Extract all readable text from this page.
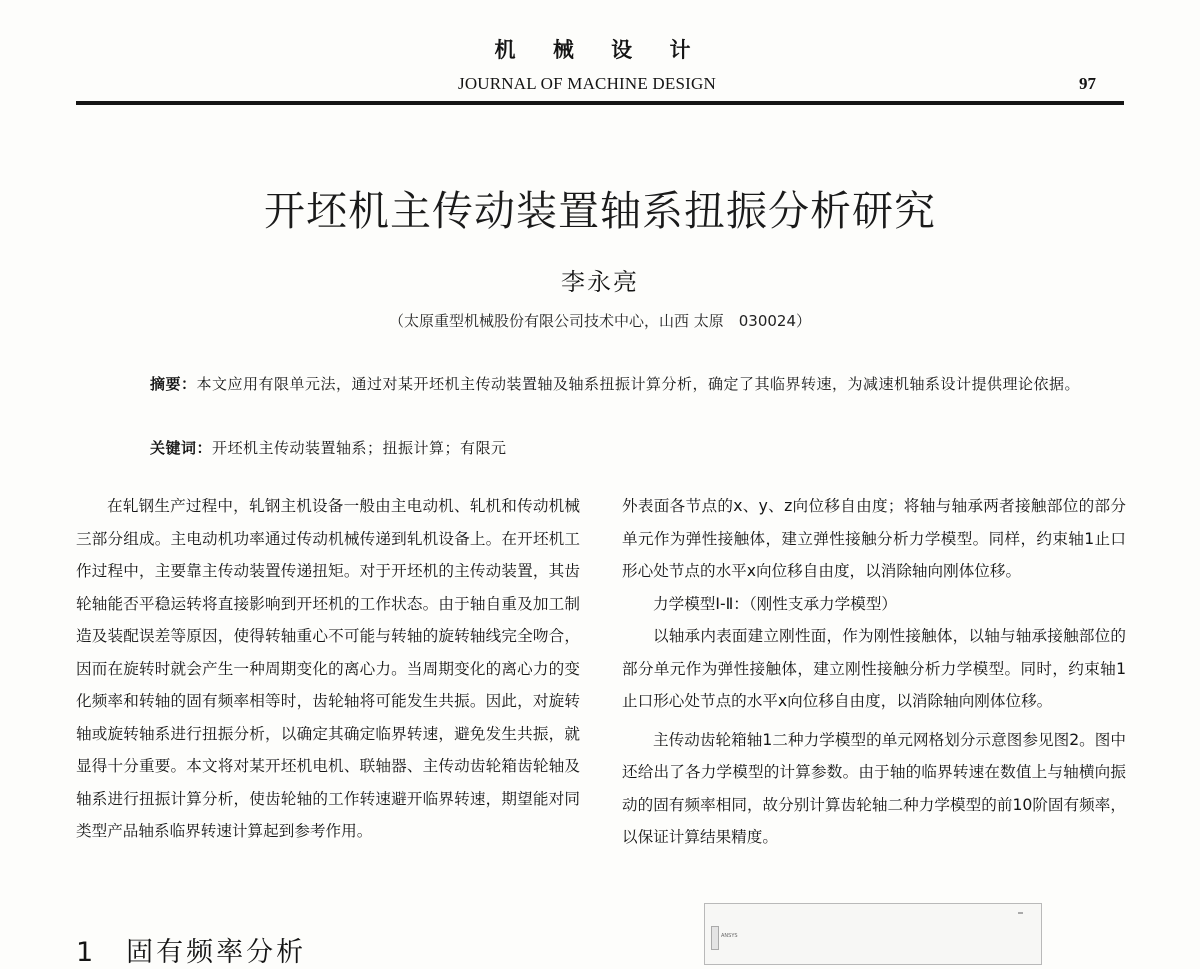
机 械 设 计
JOURNAL OF MACHINE DESIGN	97
开坯机主传动装置轴系扭振分析研究
李永亮
（太原重型机械股份有限公司技术中心，山西 太原　030024）
摘要：本文应用有限单元法，通过对某开坯机主传动装置轴及轴系扭振计算分析，确定了其临界转速，为减速机轴系设计提供理论依据。
关键词：开坯机主传动装置轴系；扭振计算；有限元

在轧钢生产过程中，轧钢主机设备一般由主电动机、轧机和传动机械三部分组成。主电动机功率通过传动机械传递到轧机设备上。在开坯机工作过程中，主要靠主传动装置传递扭矩。对于开坯机的主传动装置，其齿轮轴能否平稳运转将直接影响到开坯机的工作状态。由于轴自重及加工制造及装配误差等原因，使得转轴重心不可能与转轴的旋转轴线完全吻合，因而在旋转时就会产生一种周期变化的离心力。当周期变化的离心力的变化频率和转轴的固有频率相等时，齿轮轴将可能发生共振。因此，对旋转轴或旋转轴系进行扭振分析，以确定其确定临界转速，避免发生共振，就显得十分重要。本文将对某开坯机电机、联轴器、主传动齿轮箱齿轮轴及轴系进行扭振计算分析，使齿轮轴的工作转速避开临界转速，期望能对同类型产品轴系临界转速计算起到参考作用。

外表面各节点的x、y、z向位移自由度；将轴与轴承两者接触部位的部分单元作为弹性接触体，建立弹性接触分析力学模型。同样，约束轴1止口形心处节点的水平x向位移自由度，以消除轴向刚体位移。

力学模型Ⅰ-Ⅱ：（刚性支承力学模型）

以轴承内表面建立刚性面，作为刚性接触体，以轴与轴承接触部位的部分单元作为弹性接触体，建立刚性接触分析力学模型。同时，约束轴1止口形心处节点的水平x向位移自由度，以消除轴向刚体位移。

主传动齿轮箱轴1二种力学模型的单元网格划分示意图参见图2。图中还给出了各力学模型的计算参数。由于轴的临界转速在数值上与轴横向振动的固有频率相同，故分别计算齿轮轴二种力学模型的前10阶固有频率，以保证计算结果精度。

1　固有频率分析
ANSYS
